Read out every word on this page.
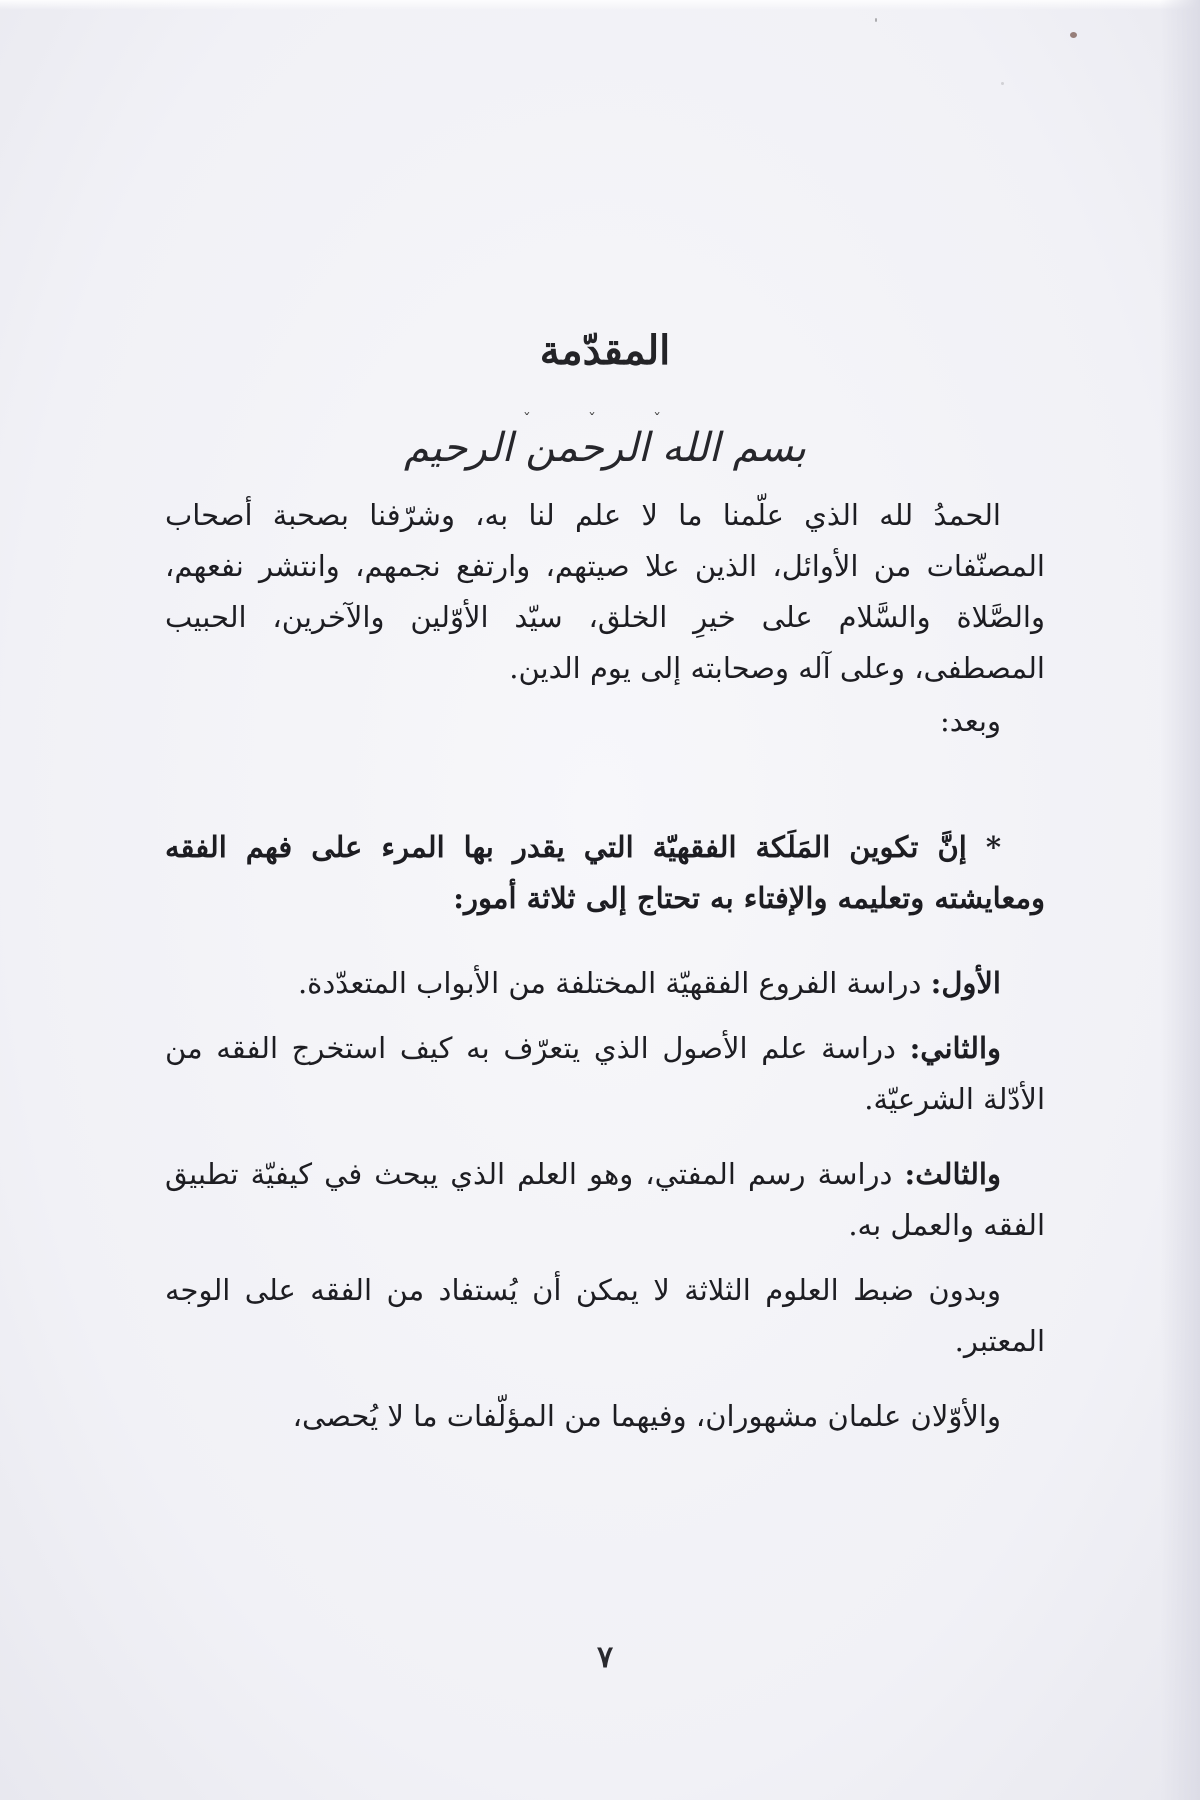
المقدّمة
ˇ ˇ ˇ
بسم الله الرحمن الرحيم

الحمدُ لله الذي علّمنا ما لا علم لنا به، وشرّفنا بصحبة أصحاب المصنّفات من الأوائل، الذين علا صيتهم، وارتفع نجمهم، وانتشر نفعهم، والصَّلاة والسَّلام على خيرِ الخلق، سيّد الأوّلين والآخرين، الحبيب المصطفى، وعلى آله وصحابته إلى يوم الدين.

وبعد:

* إنَّ تكوين المَلَكة الفقهيّة التي يقدر بها المرء على فهم الفقه ومعايشته وتعليمه والإفتاء به تحتاج إلى ثلاثة أمور:

الأول: دراسة الفروع الفقهيّة المختلفة من الأبواب المتعدّدة.

والثاني: دراسة علم الأصول الذي يتعرّف به كيف استخرج الفقه من الأدّلة الشرعيّة.

والثالث: دراسة رسم المفتي، وهو العلم الذي يبحث في كيفيّة تطبيق الفقه والعمل به.

وبدون ضبط العلوم الثلاثة لا يمكن أن يُستفاد من الفقه على الوجه المعتبر.

والأوّلان علمان مشهوران، وفيهما من المؤلّفات ما لا يُحصى،

٧
